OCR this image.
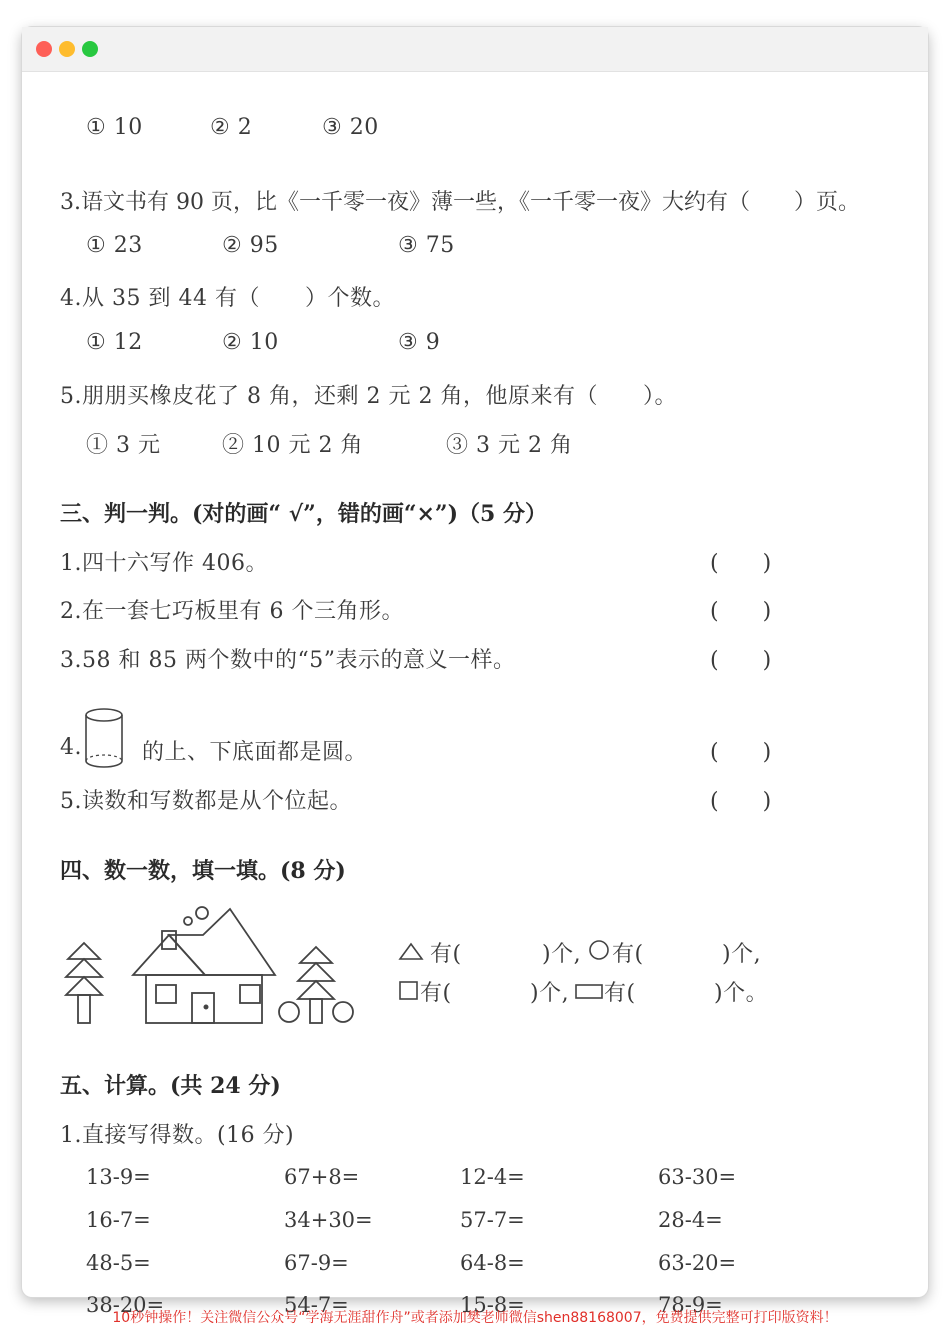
① 10	② 2	③ 20
3.语文书有 90 页，比《一千零一夜》薄一些，《一千零一夜》大约有（　　）页。
① 23	② 95	③ 75
4.从 35 到 44 有（　　）个数。
① 12	② 10	③ 9
5.朋朋买橡皮花了 8 角，还剩 2 元 2 角，他原来有（　　）。
① 3 元	② 10 元 2 角	③ 3 元 2 角
三、判一判。(对的画“ √”，错的画“×”)（5 分）
1.四十六写作 406。	(　　)
2.在一套七巧板里有 6 个三角形。	(　　)
3.58 和 85 两个数中的“5”表示的意义一样。	(　　)
4.	的上、下底面都是圆。	(　　)
5.读数和写数都是从个位起。	(　　)
四、数一数，填一填。(8 分)
有(	)个, 有(	)个,
有(	)个, 有(	)个。
五、计算。(共 24 分)
1.直接写得数。(16 分)
13-9=	67+8=	12-4=	63-30=
16-7=	34+30=	57-7=	28-4=
48-5=	67-9=	64-8=	63-20=
38-20=	54-7=	15-8=	78-9=
10秒钟操作！关注微信公众号“学海无涯甜作舟”或者添加樊老师微信shen88168007，免费提供完整可打印版资料！
